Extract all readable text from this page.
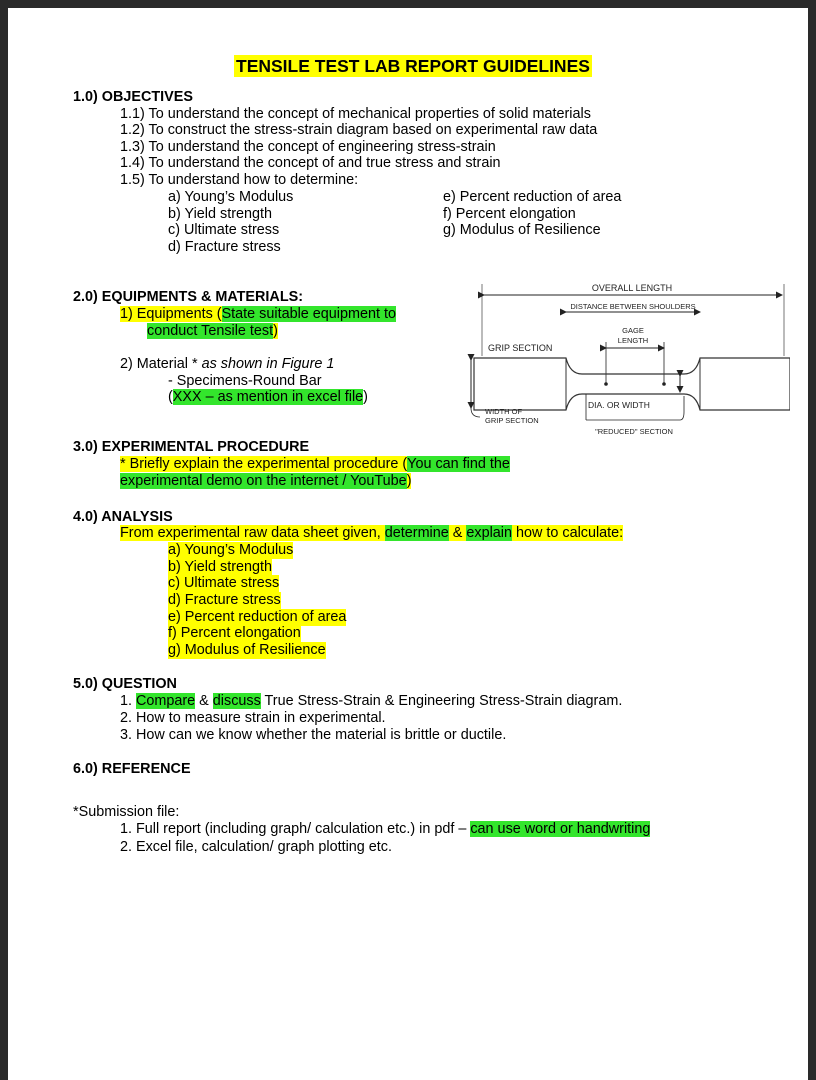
TENSILE TEST LAB REPORT GUIDELINES
1.0) OBJECTIVES
1.1) To understand the concept of mechanical properties of solid materials
1.2) To construct the stress-strain diagram based on experimental raw data
1.3) To understand the concept of engineering stress-strain
1.4) To understand the concept of and true stress and strain
1.5) To understand how to determine:
a) Young’s Modulus
b) Yield strength
c) Ultimate stress
d) Fracture stress
e) Percent reduction of area
f) Percent elongation
g) Modulus of Resilience
2.0) EQUIPMENTS & MATERIALS:
1) Equipments (State suitable equipment to
conduct Tensile test)
2) Material * as shown in Figure 1
- Specimens-Round Bar
(XXX – as mention in excel file)
OVERALL LENGTH
DISTANCE BETWEEN SHOULDERS
GAGE
LENGTH
GRIP SECTION
WIDTH OF
GRIP SECTION
DIA. OR WIDTH
"REDUCED" SECTION
3.0) EXPERIMENTAL PROCEDURE
* Briefly explain the experimental procedure (You can find the
experimental demo on the internet / YouTube)
4.0) ANALYSIS
From experimental raw data sheet given, determine & explain how to calculate:
a) Young’s Modulus
b) Yield strength
c) Ultimate stress
d) Fracture stress
e) Percent reduction of area
f) Percent elongation
g) Modulus of Resilience
5.0) QUESTION
1. Compare & discuss True Stress-Strain & Engineering Stress-Strain diagram.
2. How to measure strain in experimental.
3. How can we know whether the material is brittle or ductile.
6.0) REFERENCE
*Submission file:
1. Full report (including graph/ calculation etc.) in pdf – can use word or handwriting
2. Excel file, calculation/ graph plotting etc.
